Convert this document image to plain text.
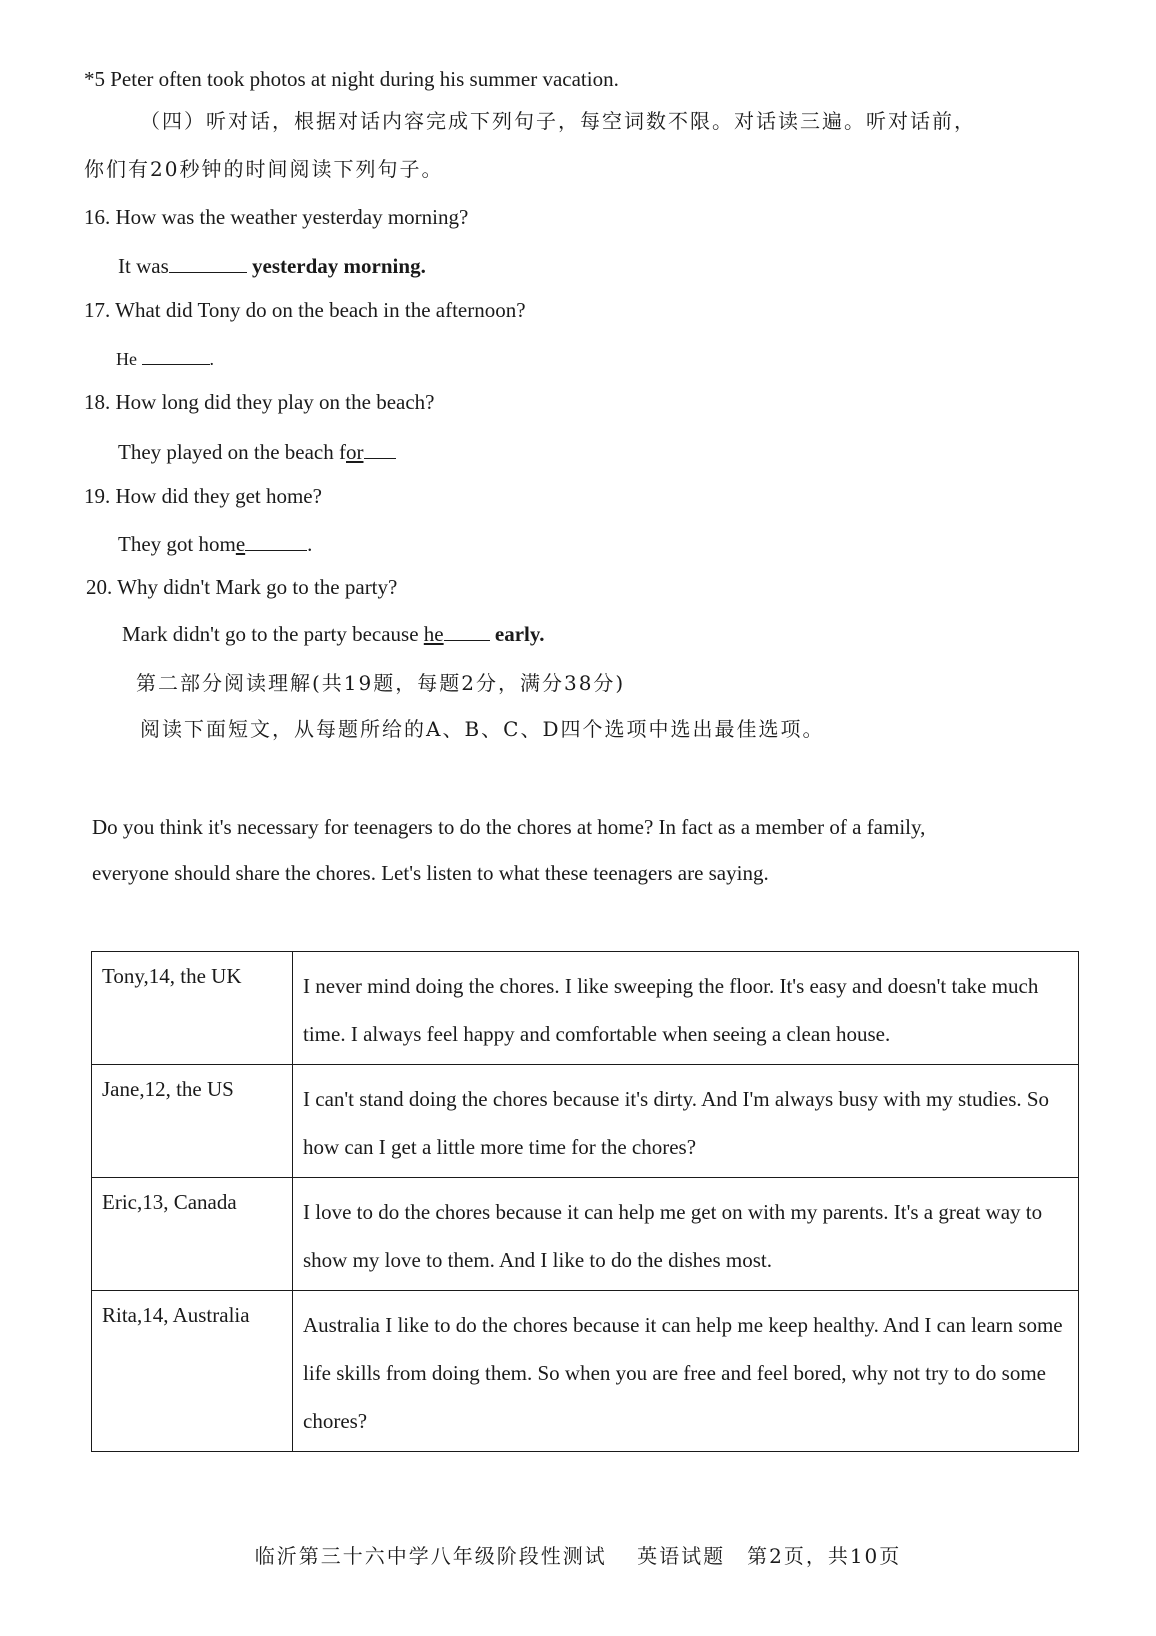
*5 Peter often took photos at night during his summer vacation.
（四）听对话，根据对话内容完成下列句子，每空词数不限。对话读三遍。听对话前，
你们有20秒钟的时间阅读下列句子。
16. How was the weather yesterday morning?
It was	yesterday morning.
17. What did Tony do on the beach in the afternoon?
He	.
18. How long did they play on the beach?
They played on the beach for
19. How did they get home?
They got home	.
20. Why didn't Mark go to the party?
Mark didn't go to the party because he early.
第二部分阅读理解(共19题，每题2分，满分38分)
阅读下面短文，从每题所给的A、B、C、D四个选项中选出最佳选项。
Do you think it's necessary for teenagers to do the chores at home? In fact as a member of a family,
everyone should share the chores. Let's listen to what these teenagers are saying.
Tony,14, the UK	I never mind doing the chores. I like sweeping the floor. It's easy and doesn't take much time. I always feel happy and comfortable when seeing a clean house.
Jane,12, the US	I can't stand doing the chores because it's dirty. And I'm always busy with my studies. So how can I get a little more time for the chores?
Eric,13, Canada	I love to do the chores because it can help me get on with my parents. It's a great way to show my love to them. And I like to do the dishes most.
Rita,14, Australia	Australia I like to do the chores because it can help me keep healthy. And I can learn some life skills from doing them. So when you are free and feel bored, why not try to do some chores?
临沂第三十六中学八年级阶段性测试　 英语试题　第2页，共10页
